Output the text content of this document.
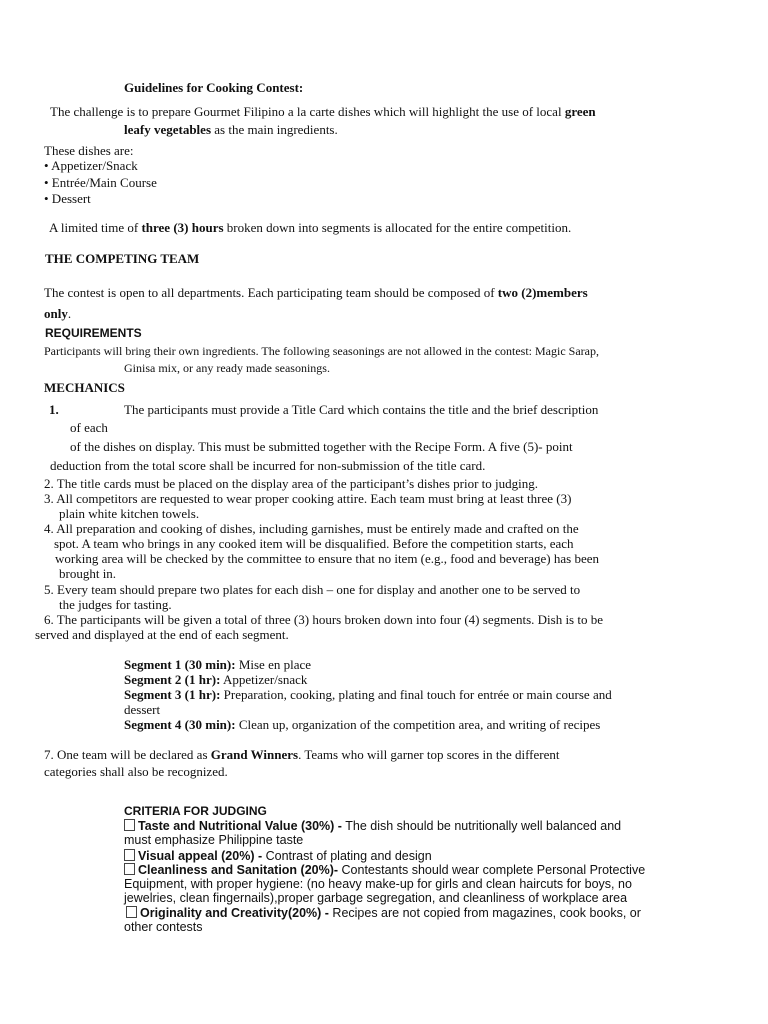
Guidelines for Cooking Contest:
The challenge is to prepare Gourmet Filipino a la carte dishes which will highlight the use of local green
leafy vegetables as the main ingredients.
These dishes are:
• Appetizer/Snack
• Entrée/Main Course
• Dessert
A limited time of three (3) hours broken down into segments is allocated for the entire competition.
THE COMPETING TEAM
The contest is open to all departments. Each participating team should be composed of two (2)members
only.
REQUIREMENTS
Participants will bring their own ingredients. The following seasonings are not allowed in the contest: Magic Sarap,
Ginisa mix, or any ready made seasonings.
MECHANICS
1.	The participants must provide a Title Card which contains the title and the brief description
of each
of the dishes on display. This must be submitted together with the Recipe Form. A five (5)- point
deduction from the total score shall be incurred for non-submission of the title card.
2. The title cards must be placed on the display area of the participant’s dishes prior to judging.
3. All competitors are requested to wear proper cooking attire. Each team must bring at least three (3)
plain white kitchen towels.
4. All preparation and cooking of dishes, including garnishes, must be entirely made and crafted on the
spot. A team who brings in any cooked item will be disqualified. Before the competition starts, each
working area will be checked by the committee to ensure that no item (e.g., food and beverage) has been
brought in.
5. Every team should prepare two plates for each dish – one for display and another one to be served to
the judges for tasting.
6. The participants will be given a total of three (3) hours broken down into four (4) segments. Dish is to be
served and displayed at the end of each segment.
Segment 1 (30 min): Mise en place
Segment 2 (1 hr): Appetizer/snack
Segment 3 (1 hr): Preparation, cooking, plating and final touch for entrée or main course and
dessert
Segment 4 (30 min): Clean up, organization of the competition area, and writing of recipes
7. One team will be declared as Grand Winners. Teams who will garner top scores in the different
categories shall also be recognized.
CRITERIA FOR JUDGING
Taste and Nutritional Value (30%) - The dish should be nutritionally well balanced and
must emphasize Philippine taste
Visual appeal (20%) - Contrast of plating and design
Cleanliness and Sanitation (20%)- Contestants should wear complete Personal Protective
Equipment, with proper hygiene: (no heavy make-up for girls and clean haircuts for boys, no
jewelries, clean fingernails),proper garbage segregation, and cleanliness of workplace area
Originality and Creativity(20%) - Recipes are not copied from magazines, cook books, or
other contests
